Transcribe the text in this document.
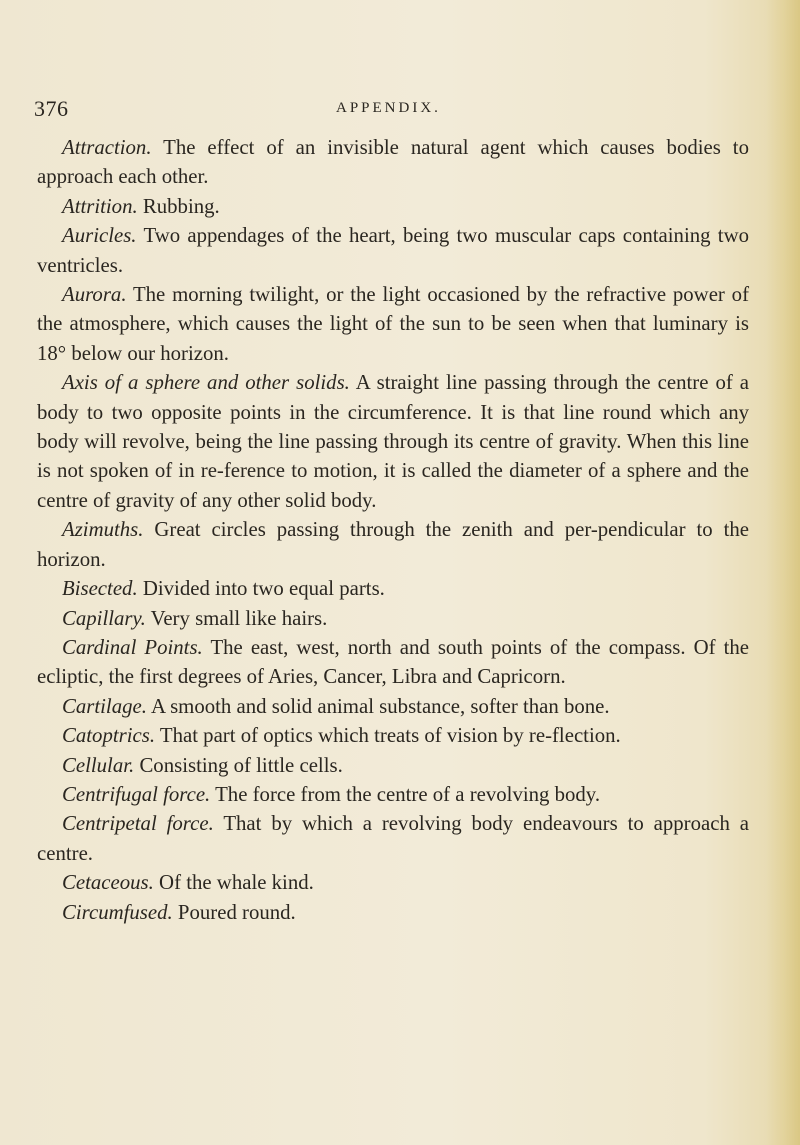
376	APPENDIX.

Attraction. The effect of an invisible natural agent which causes bodies to approach each other.

Attrition. Rubbing.

Auricles. Two appendages of the heart, being two muscular caps containing two ventricles.

Aurora. The morning twilight, or the light occasioned by the refractive power of the atmosphere, which causes the light of the sun to be seen when that luminary is 18° below our horizon.

Axis of a sphere and other solids. A straight line passing through the centre of a body to two opposite points in the circumference. It is that line round which any body will revolve, being the line passing through its centre of gravity. When this line is not spoken of in re-ference to motion, it is called the diameter of a sphere and the centre of gravity of any other solid body.

Azimuths. Great circles passing through the zenith and per-pendicular to the horizon.

Bisected. Divided into two equal parts.

Capillary. Very small like hairs.

Cardinal Points. The east, west, north and south points of the compass. Of the ecliptic, the first degrees of Aries, Cancer, Libra and Capricorn.

Cartilage. A smooth and solid animal substance, softer than bone.

Catoptrics. That part of optics which treats of vision by re-flection.

Cellular. Consisting of little cells.

Centrifugal force. The force from the centre of a revolving body.

Centripetal force. That by which a revolving body endeavours to approach a centre.

Cetaceous. Of the whale kind.

Circumfused. Poured round.
